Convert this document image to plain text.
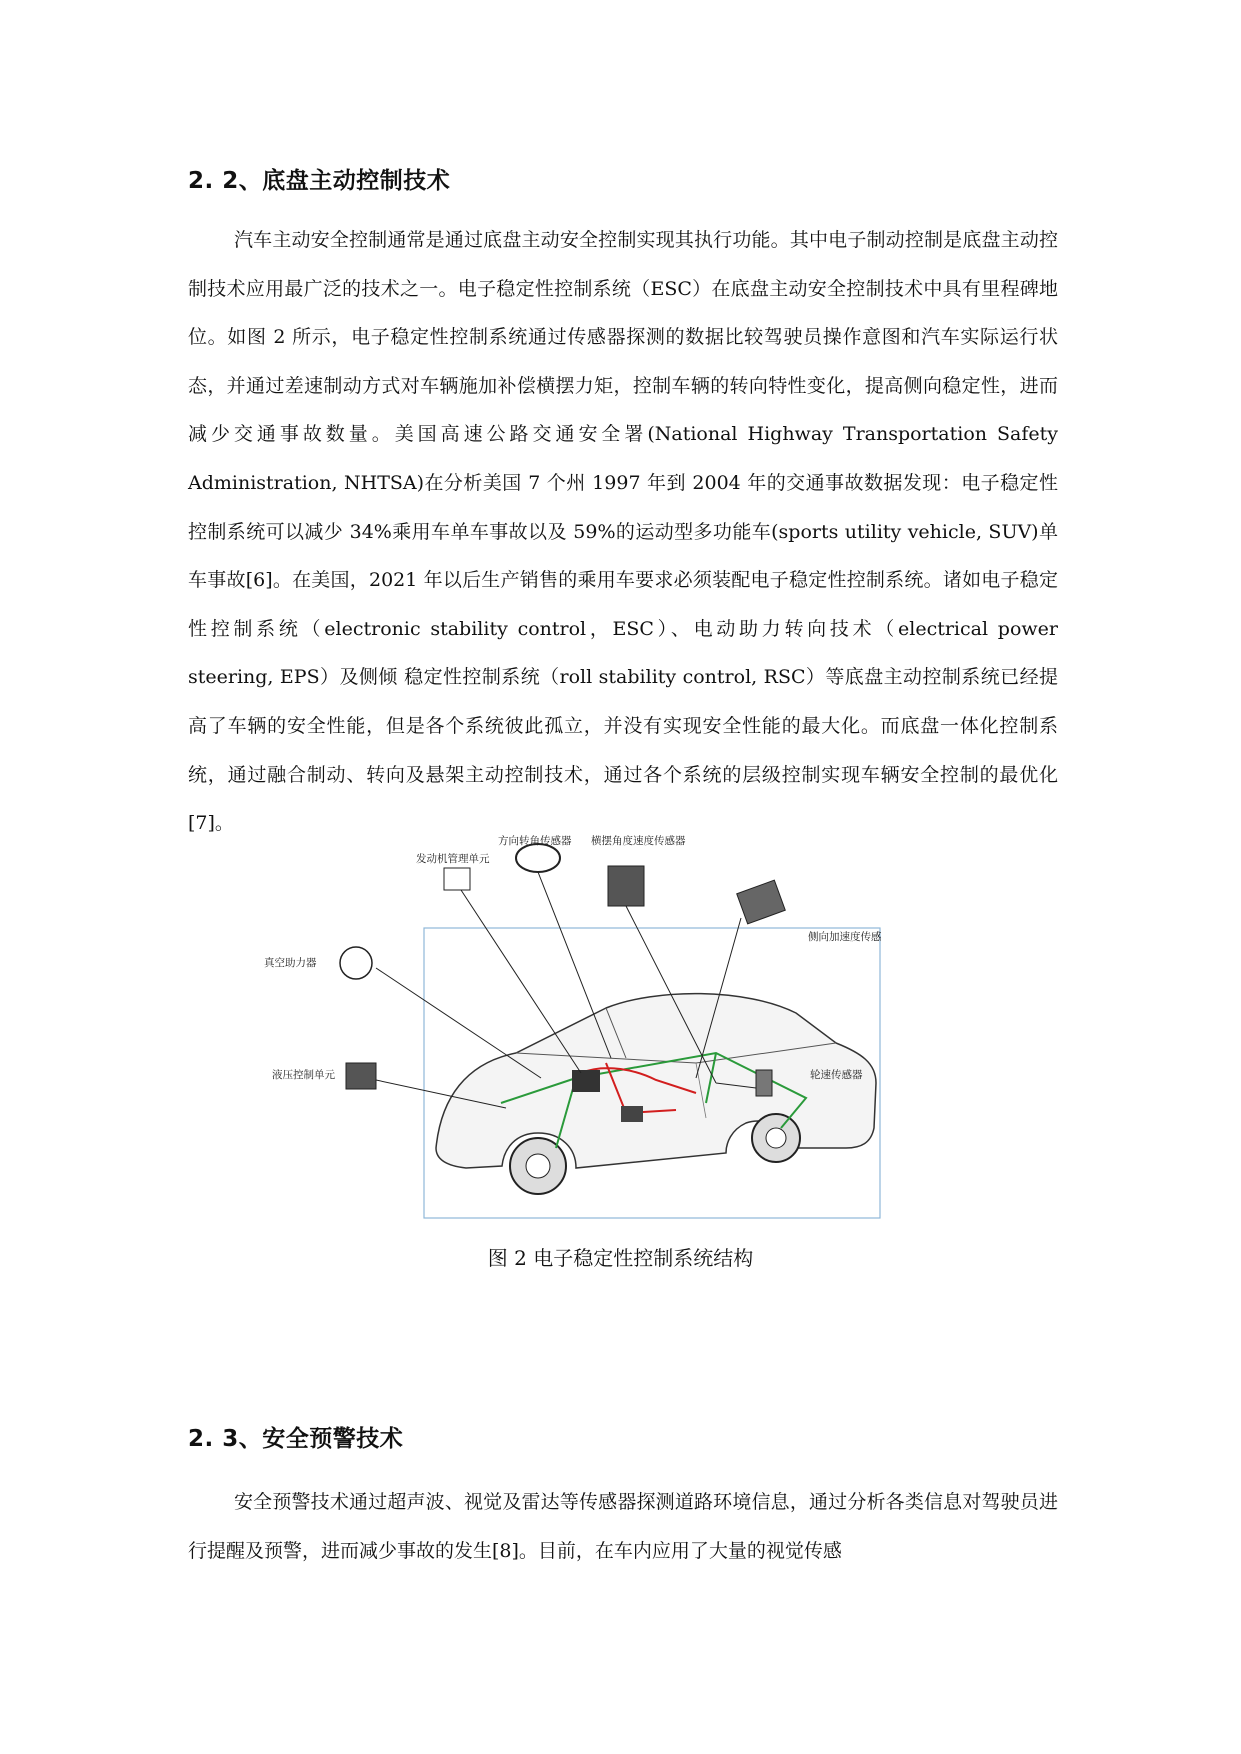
2. 2、底盘主动控制技术

汽车主动安全控制通常是通过底盘主动安全控制实现其执行功能。其中电子制动控制是底盘主动控制技术应用最广泛的技术之一。电子稳定性控制系统（ESC）在底盘主动安全控制技术中具有里程碑地位。如图 2 所示，电子稳定性控制系统通过传感器探测的数据比较驾驶员操作意图和汽车实际运行状态，并通过差速制动方式对车辆施加补偿横摆力矩，控制车辆的转向特性变化，提高侧向稳定性，进而减少交通事故数量。美国高速公路交通安全署(National Highway Transportation Safety Administration, NHTSA)在分析美国 7 个州 1997 年到 2004 年的交通事故数据发现：电子稳定性控制系统可以减少 34%乘用车单车事故以及 59%的运动型多功能车(sports utility vehicle, SUV)单车事故[6]。在美国，2021 年以后生产销售的乘用车要求必须装配电子稳定性控制系统。诸如电子稳定性控制系统（electronic stability control，ESC）、电动助力转向技术（electrical power steering, EPS）及侧倾 稳定性控制系统（roll stability control, RSC）等底盘主动控制系统已经提高了车辆的安全性能，但是各个系统彼此孤立，并没有实现安全性能的最大化。而底盘一体化控制系统，通过融合制动、转向及悬架主动控制技术，通过各个系统的层级控制实现车辆安全控制的最优化[7]。

方向转角传感器 横摆角度速度传感器
发动机管理单元
侧向加速度传感
真空助力器
液压控制单元	轮速传感器

图 2 电子稳定性控制系统结构

2. 3、安全预警技术

安全预警技术通过超声波、视觉及雷达等传感器探测道路环境信息，通过分析各类信息对驾驶员进行提醒及预警，进而减少事故的发生[8]。目前，在车内应用了大量的视觉传感
